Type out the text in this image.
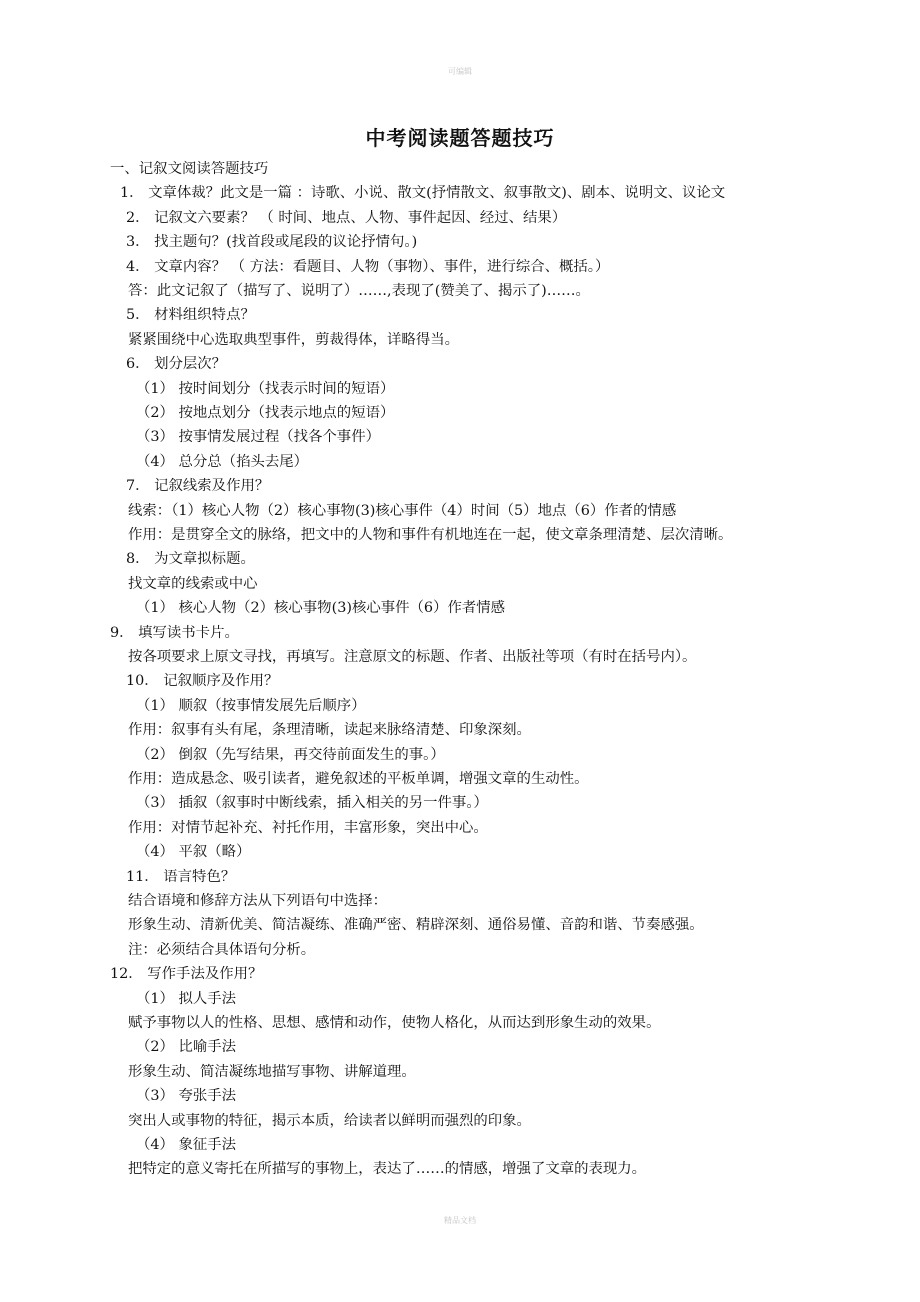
可编辑
中考阅读题答题技巧
一、记叙文阅读答题技巧
1． 文章体裁？此文是一篇 ：诗歌、小说、散文(抒情散文、叙事散文)、剧本、说明文、议论文
2． 记叙文六要素？ （ 时间、地点、人物、事件起因、经过、结果）
3． 找主题句？(找首段或尾段的议论抒情句。)
4． 文章内容？ （ 方法：看题目、人物（事物）、事件，进行综合、概括。）
答：此文记叙了（描写了、说明了）……,表现了(赞美了、揭示了)……。
5． 材料组织特点？
紧紧围绕中心选取典型事件，剪裁得体，详略得当。
6． 划分层次？
（1） 按时间划分（找表示时间的短语）
（2） 按地点划分（找表示地点的短语）
（3） 按事情发展过程（找各个事件）
（4） 总分总（掐头去尾）
7． 记叙线索及作用？
线索：（1）核心人物（2）核心事物(3)核心事件（4）时间（5）地点（6）作者的情感
作用：是贯穿全文的脉络，把文中的人物和事件有机地连在一起，使文章条理清楚、层次清晰。
8． 为文章拟标题。
找文章的线索或中心
（1） 核心人物（2）核心事物(3)核心事件（6）作者情感
9． 填写读书卡片。
按各项要求上原文寻找，再填写。注意原文的标题、作者、出版社等项（有时在括号内）。
10． 记叙顺序及作用？
（1） 顺叙（按事情发展先后顺序）
作用：叙事有头有尾，条理清晰，读起来脉络清楚、印象深刻。
（2） 倒叙（先写结果，再交待前面发生的事。）
作用：造成悬念、吸引读者，避免叙述的平板单调，增强文章的生动性。
（3） 插叙（叙事时中断线索，插入相关的另一件事。）
作用：对情节起补充、衬托作用，丰富形象，突出中心。
（4） 平叙（略）
11． 语言特色？
结合语境和修辞方法从下列语句中选择：
形象生动、清新优美、简洁凝练、准确严密、精辟深刻、通俗易懂、音韵和谐、节奏感强。
注：必须结合具体语句分析。
12． 写作手法及作用？
（1） 拟人手法
赋予事物以人的性格、思想、感情和动作，使物人格化，从而达到形象生动的效果。
（2） 比喻手法
形象生动、简洁凝练地描写事物、讲解道理。
（3） 夸张手法
突出人或事物的特征，揭示本质，给读者以鲜明而强烈的印象。
（4） 象征手法
把特定的意义寄托在所描写的事物上，表达了……的情感，增强了文章的表现力。
精品文档
